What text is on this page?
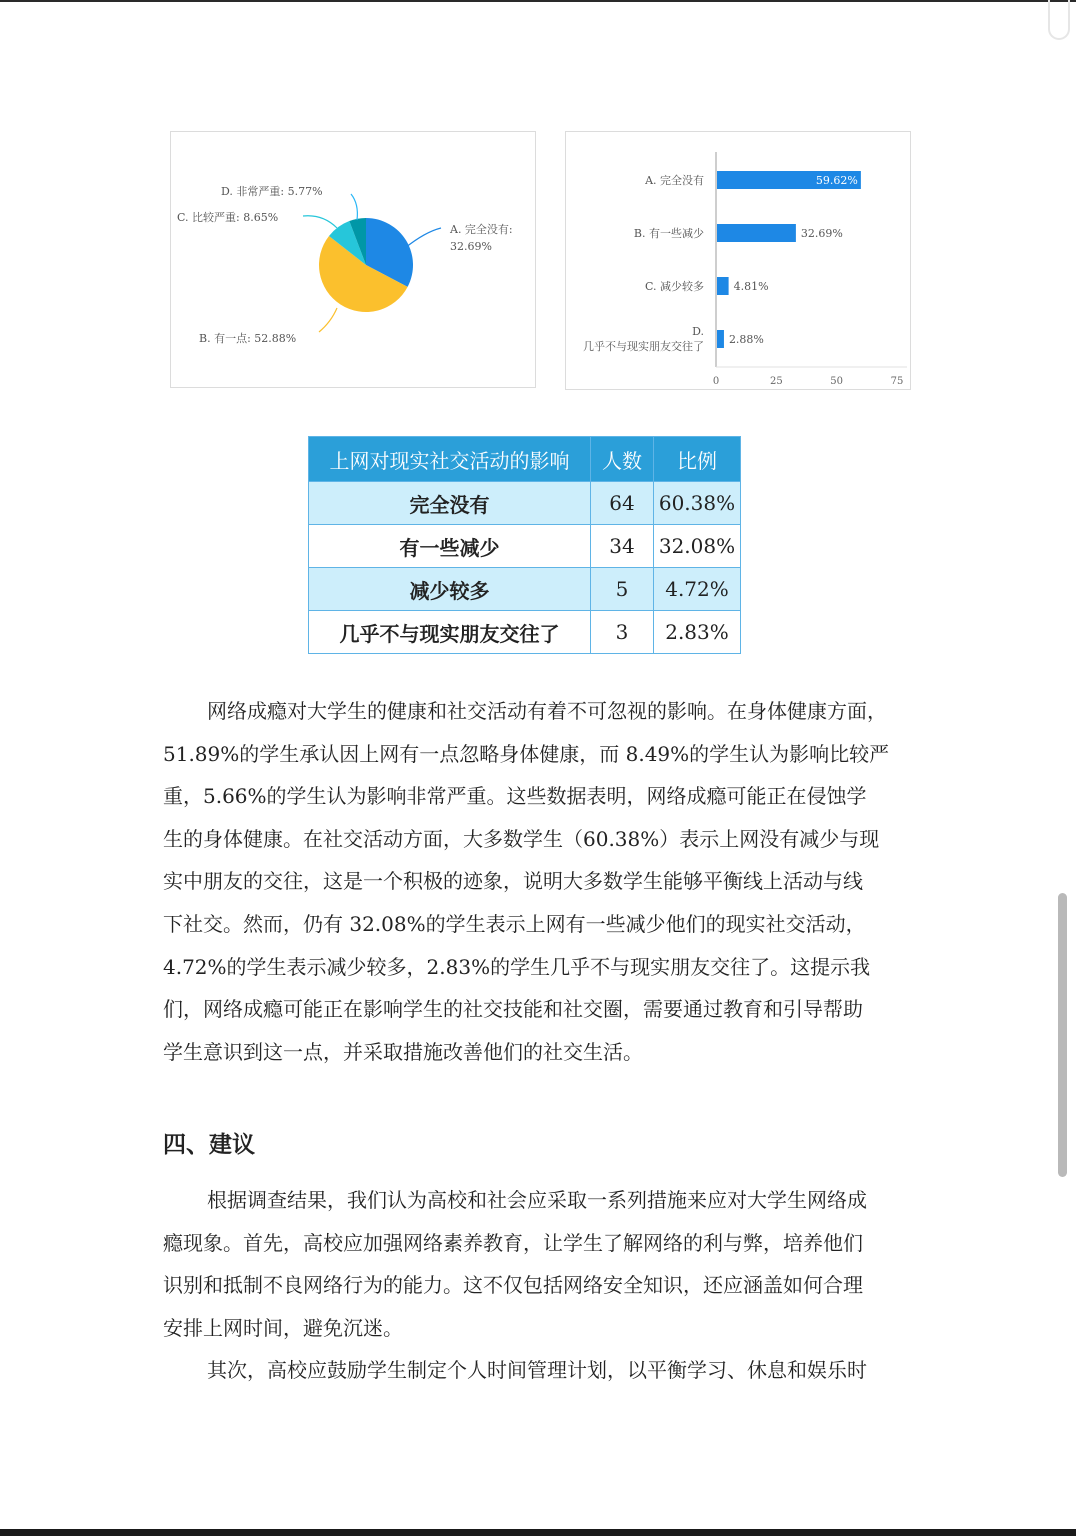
D. 非常严重: 5.77%
C. 比较严重: 8.65%
A. 完全没有:
32.69%
B. 有一点: 52.88%
59.62%
A. 完全没有
32.69%
B. 有一些减少
4.81%
C. 减少较多
2.88%
D.
几乎不与现实朋友交往了
0	25	50	75
上网对现实社交活动的影响	人数	比例
完全没有	64	60.38%
有一些减少	34	32.08%
减少较多	5	4.72%
几乎不与现实朋友交往了	3	2.83%
网络成瘾对大学生的健康和社交活动有着不可忽视的影响。在身体健康方面，
51.89%的学生承认因上网有一点忽略身体健康，而 8.49%的学生认为影响比较严
重，5.66%的学生认为影响非常严重。这些数据表明，网络成瘾可能正在侵蚀学
生的身体健康。在社交活动方面，大多数学生（60.38%）表示上网没有减少与现
实中朋友的交往，这是一个积极的迹象，说明大多数学生能够平衡线上活动与线
下社交。然而，仍有 32.08%的学生表示上网有一些减少他们的现实社交活动，
4.72%的学生表示减少较多，2.83%的学生几乎不与现实朋友交往了。这提示我
们，网络成瘾可能正在影响学生的社交技能和社交圈，需要通过教育和引导帮助
学生意识到这一点，并采取措施改善他们的社交生活。
四、建议
根据调查结果，我们认为高校和社会应采取一系列措施来应对大学生网络成
瘾现象。首先，高校应加强网络素养教育，让学生了解网络的利与弊，培养他们
识别和抵制不良网络行为的能力。这不仅包括网络安全知识，还应涵盖如何合理
安排上网时间，避免沉迷。
其次，高校应鼓励学生制定个人时间管理计划，以平衡学习、休息和娱乐时
